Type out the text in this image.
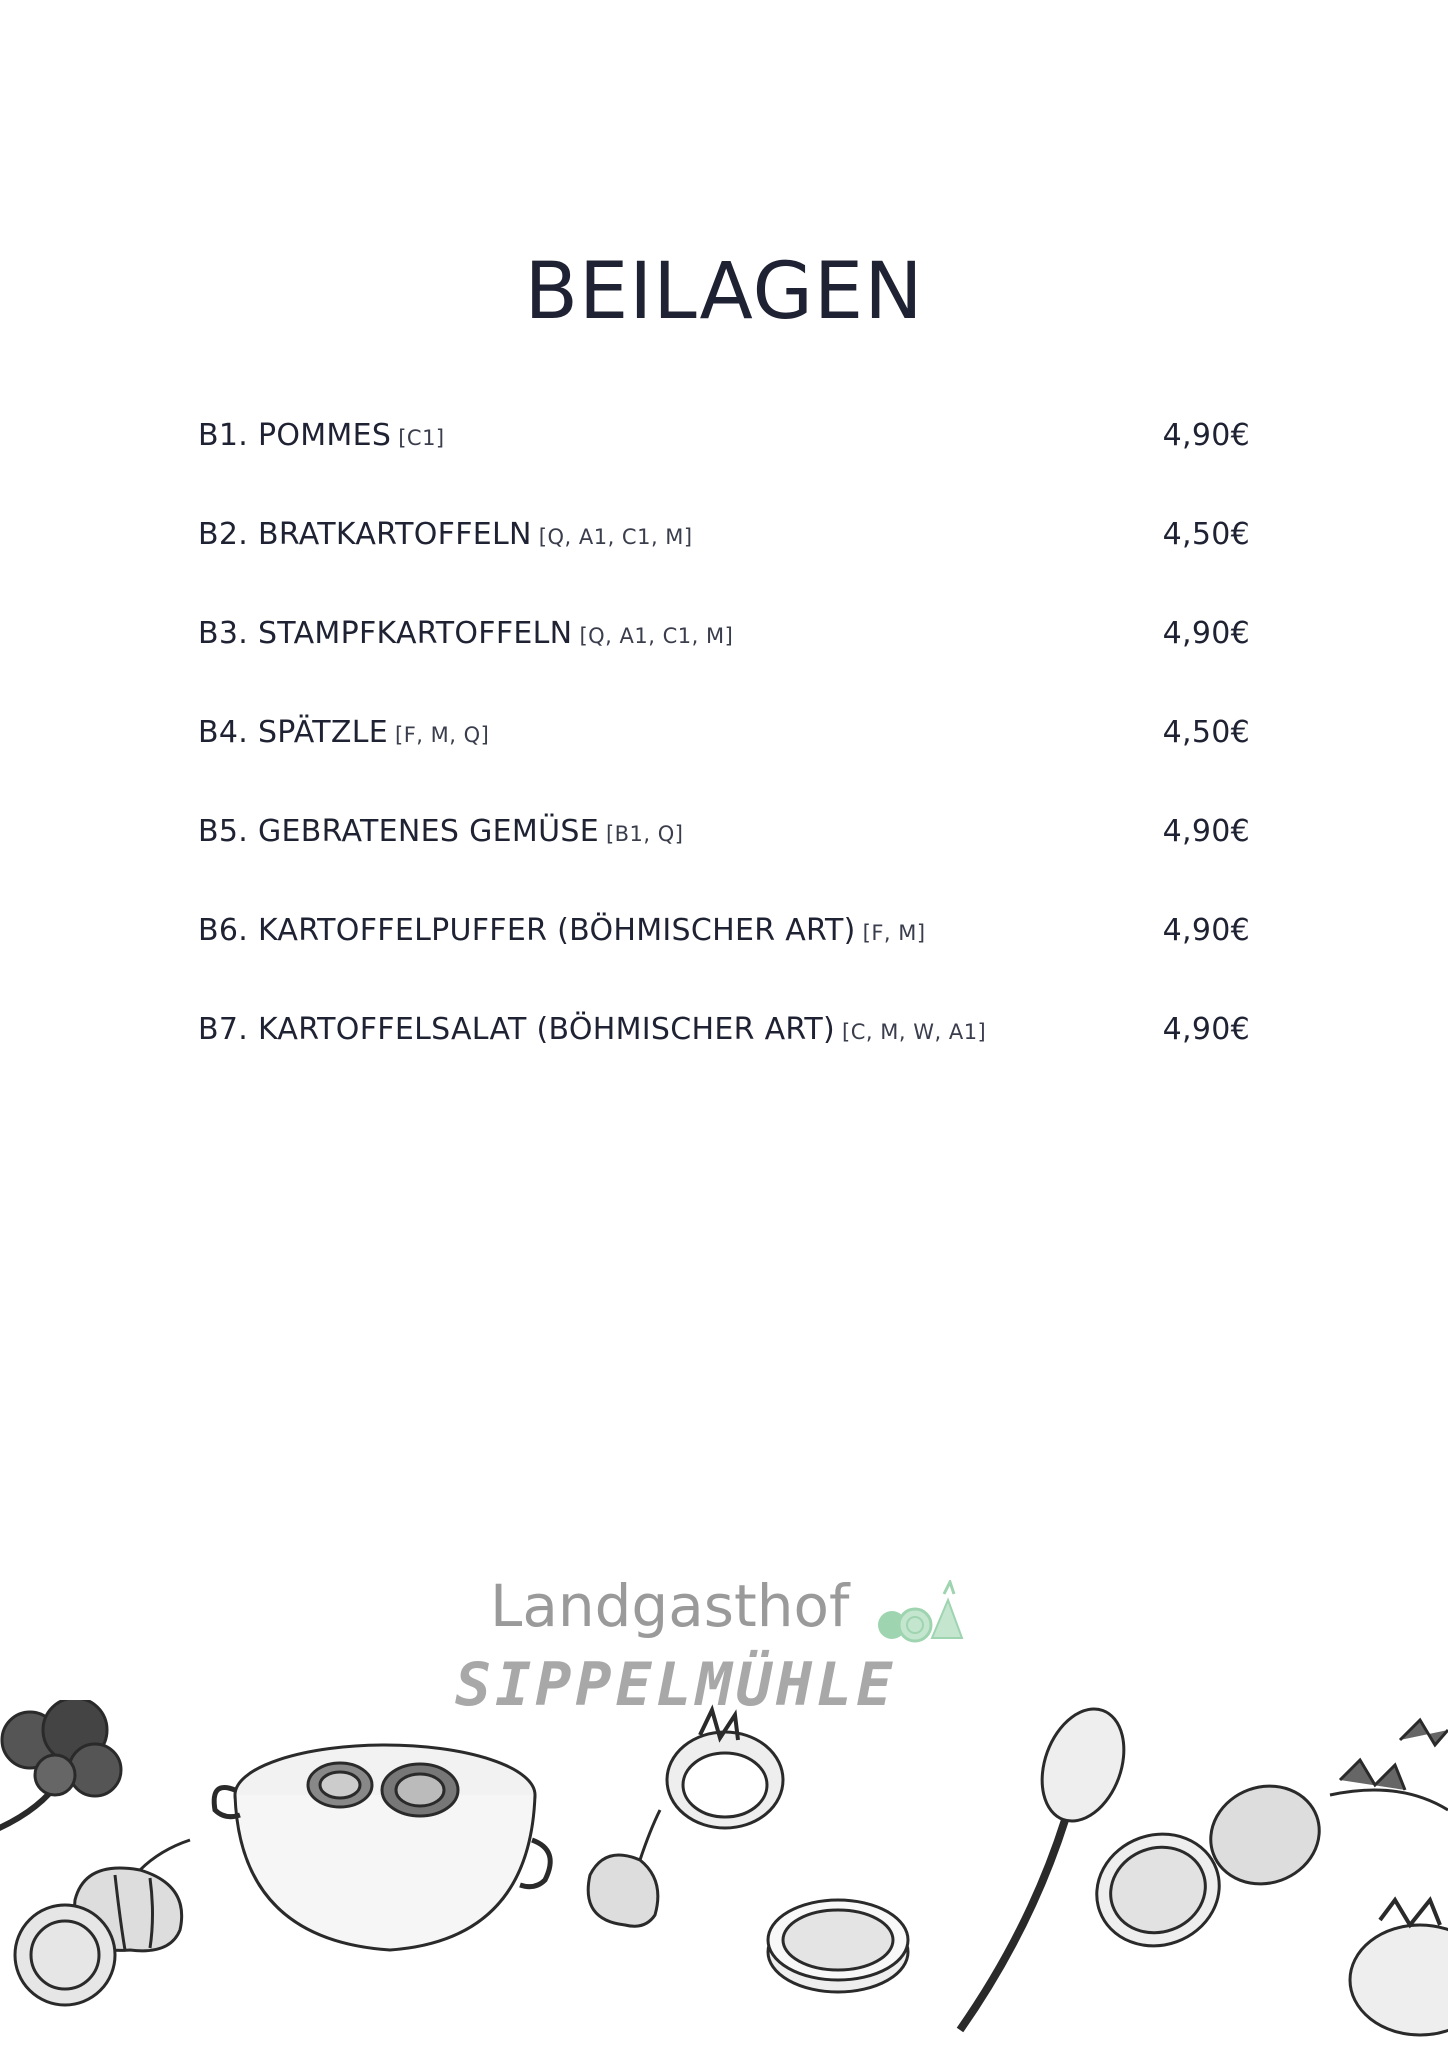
BEILAGEN
B1. POMMES [C1]	4,90€
B2. BRATKARTOFFELN [Q, A1, C1, M]	4,50€
B3. STAMPFKARTOFFELN [Q, A1, C1, M]	4,90€
B4. SPÄTZLE [F, M, Q]	4,50€
B5. GEBRATENES GEMÜSE [B1, Q]	4,90€
B6. KARTOFFELPUFFER (BÖHMISCHER ART) [F, M]	4,90€
B7. KARTOFFELSALAT (BÖHMISCHER ART) [C, M, W, A1]	4,90€
Landgasthof
SIPPELMÜHLE
